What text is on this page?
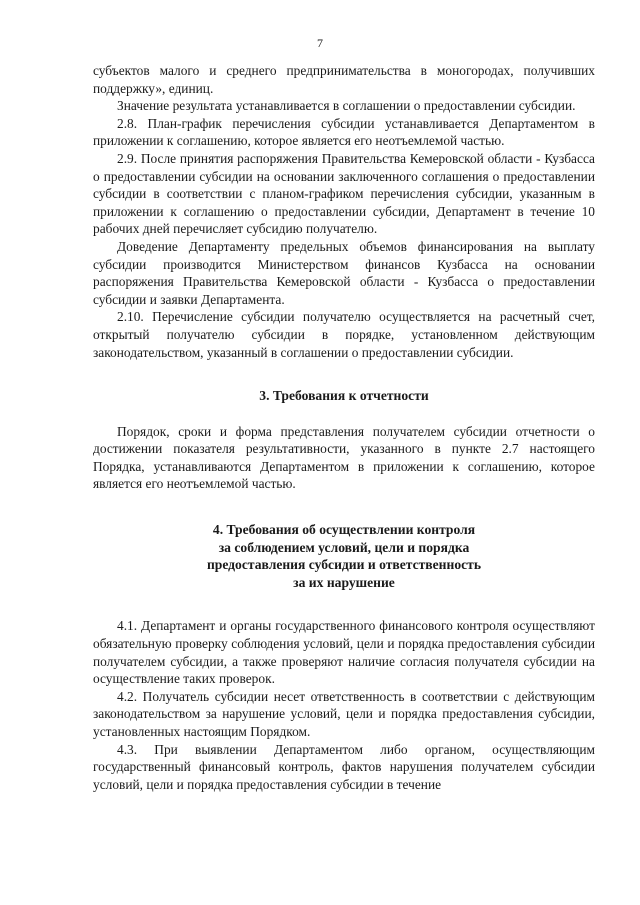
7

субъектов малого и среднего предпринимательства в моногородах, получивших поддержку», единиц.

Значение результата устанавливается в соглашении о предоставлении субсидии.

2.8. План-график перечисления субсидии устанавливается Департаментом в приложении к соглашению, которое является его неотъемлемой частью.

2.9. После принятия распоряжения Правительства Кемеровской области - Кузбасса о предоставлении субсидии на основании заключенного соглашения о предоставлении субсидии в соответствии с планом-графиком перечисления субсидии, указанным в приложении к соглашению о предоставлении субсидии, Департамент в течение 10 рабочих дней перечисляет субсидию получателю.

Доведение Департаменту предельных объемов финансирования на выплату субсидии производится Министерством финансов Кузбасса на основании распоряжения Правительства Кемеровской области - Кузбасса о предоставлении субсидии и заявки Департамента.

2.10. Перечисление субсидии получателю осуществляется на расчетный счет, открытый получателю субсидии в порядке, установленном действующим законодательством, указанный в соглашении о предоставлении субсидии.

3. Требования к отчетности

Порядок, сроки и форма представления получателем субсидии отчетности о достижении показателя результативности, указанного в пункте 2.7 настоящего Порядка, устанавливаются Департаментом в приложении к соглашению, которое является его неотъемлемой частью.

4. Требования об осуществлении контроля

за соблюдением условий, цели и порядка

предоставления субсидии и ответственность

за их нарушение

4.1. Департамент и органы государственного финансового контроля осуществляют обязательную проверку соблюдения условий, цели и порядка предоставления субсидии получателем субсидии, а также проверяют наличие согласия получателя субсидии на осуществление таких проверок.

4.2. Получатель субсидии несет ответственность в соответствии с действующим законодательством за нарушение условий, цели и порядка предоставления субсидии, установленных настоящим Порядком.

4.3. При выявлении Департаментом либо органом, осуществляющим государственный финансовый контроль, фактов нарушения получателем субсидии условий, цели и порядка предоставления субсидии в течение
